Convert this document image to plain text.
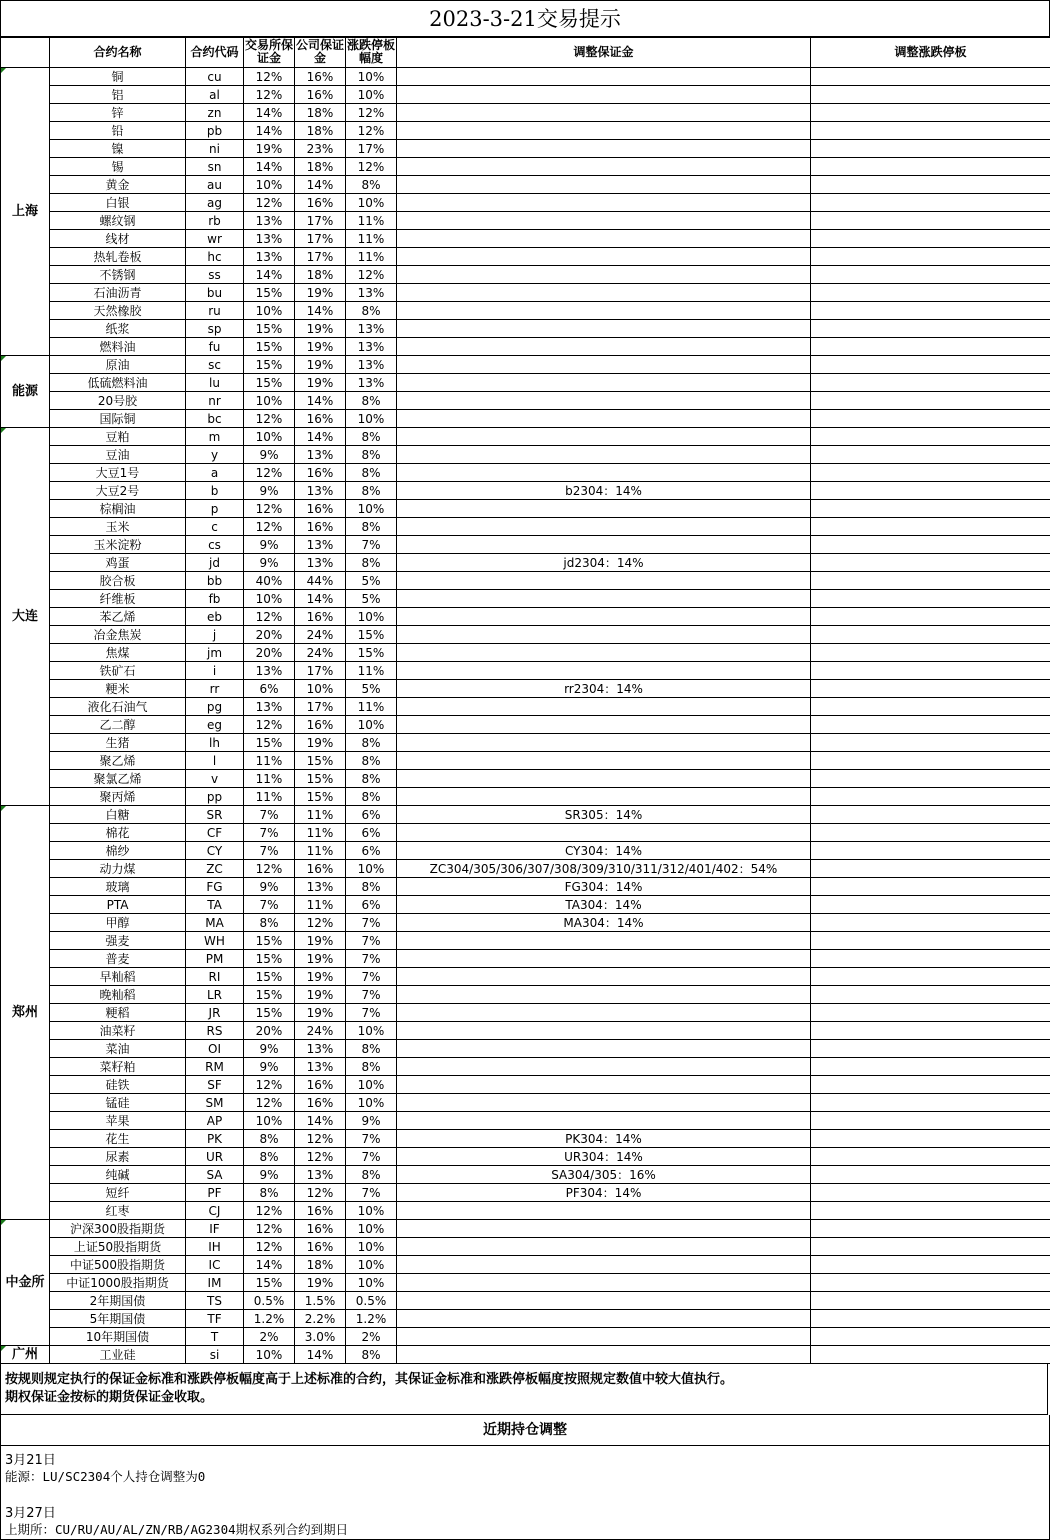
2023-3-21交易提示
	合约名称	合约代码	交易所保证金	公司保证金	涨跌停板幅度	调整保证金	调整涨跌停板
上海	铜	cu	12%	16%	10%		
	铝	al	12%	16%	10%		
	锌	zn	14%	18%	12%		
	铅	pb	14%	18%	12%		
	镍	ni	19%	23%	17%		
	锡	sn	14%	18%	12%		
	黄金	au	10%	14%	8%		
	白银	ag	12%	16%	10%		
	螺纹钢	rb	13%	17%	11%		
	线材	wr	13%	17%	11%		
	热轧卷板	hc	13%	17%	11%		
	不锈钢	ss	14%	18%	12%		
	石油沥青	bu	15%	19%	13%		
	天然橡胶	ru	10%	14%	8%		
	纸浆	sp	15%	19%	13%		
	燃料油	fu	15%	19%	13%		
能源	原油	sc	15%	19%	13%		
	低硫燃料油	lu	15%	19%	13%		
	20号胶	nr	10%	14%	8%		
	国际铜	bc	12%	16%	10%		
大连	豆粕	m	10%	14%	8%		
	豆油	y	9%	13%	8%		
	大豆1号	a	12%	16%	8%		
	大豆2号	b	9%	13%	8%	b2304：14%	
	棕榈油	p	12%	16%	10%		
	玉米	c	12%	16%	8%		
	玉米淀粉	cs	9%	13%	7%		
	鸡蛋	jd	9%	13%	8%	jd2304：14%	
	胶合板	bb	40%	44%	5%		
	纤维板	fb	10%	14%	5%		
	苯乙烯	eb	12%	16%	10%		
	冶金焦炭	j	20%	24%	15%		
	焦煤	jm	20%	24%	15%		
	铁矿石	i	13%	17%	11%		
	粳米	rr	6%	10%	5%	rr2304：14%	
	液化石油气	pg	13%	17%	11%		
	乙二醇	eg	12%	16%	10%		
	生猪	lh	15%	19%	8%		
	聚乙烯	l	11%	15%	8%		
	聚氯乙烯	v	11%	15%	8%		
	聚丙烯	pp	11%	15%	8%		
郑州	白糖	SR	7%	11%	6%	SR305：14%	
	棉花	CF	7%	11%	6%		
	棉纱	CY	7%	11%	6%	CY304：14%	
	动力煤	ZC	12%	16%	10%	ZC304/305/306/307/308/309/310/311/312/401/402：54%	
	玻璃	FG	9%	13%	8%	FG304：14%	
	PTA	TA	7%	11%	6%	TA304：14%	
	甲醇	MA	8%	12%	7%	MA304：14%	
	强麦	WH	15%	19%	7%		
	普麦	PM	15%	19%	7%		
	早籼稻	RI	15%	19%	7%		
	晚籼稻	LR	15%	19%	7%		
	粳稻	JR	15%	19%	7%		
	油菜籽	RS	20%	24%	10%		
	菜油	OI	9%	13%	8%		
	菜籽粕	RM	9%	13%	8%		
	硅铁	SF	12%	16%	10%		
	锰硅	SM	12%	16%	10%		
	苹果	AP	10%	14%	9%		
	花生	PK	8%	12%	7%	PK304：14%	
	尿素	UR	8%	12%	7%	UR304：14%	
	纯碱	SA	9%	13%	8%	SA304/305：16%	
	短纤	PF	8%	12%	7%	PF304：14%	
	红枣	CJ	12%	16%	10%		
中金所	沪深300股指期货	IF	12%	16%	10%		
	上证50股指期货	IH	12%	16%	10%		
	中证500股指期货	IC	14%	18%	10%		
	中证1000股指期货	IM	15%	19%	10%		
	2年期国债	TS	0.5%	1.5%	0.5%		
	5年期国债	TF	1.2%	2.2%	1.2%		
	10年期国债	T	2%	3.0%	2%		
广州	工业硅	si	10%	14%	8%		
按规则规定执行的保证金标准和涨跌停板幅度高于上述标准的合约，其保证金标准和涨跌停板幅度按照规定数值中较大值执行。
期权保证金按标的期货保证金收取。
近期持仓调整
3月21日
能源：LU/SC2304个人持仓调整为0
3月27日
上期所：CU/RU/AU/AL/ZN/RB/AG2304期权系列合约到期日
